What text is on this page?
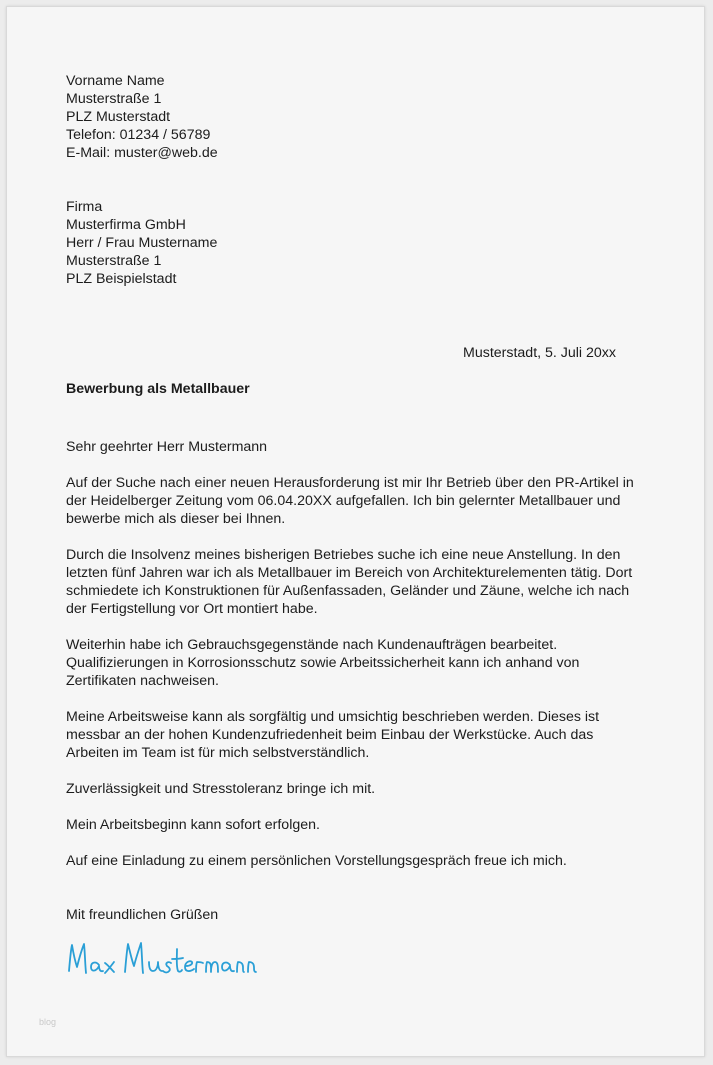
Vorname Name
Musterstraße 1
PLZ Musterstadt
Telefon: 01234 / 56789
E-Mail: muster@web.de
Firma
Musterfirma GmbH
Herr / Frau Mustername
Musterstraße 1
PLZ Beispielstadt
Musterstadt, 5. Juli 20xx
Bewerbung als Metallbauer
Sehr geehrter Herr Mustermann
Auf der Suche nach einer neuen Herausforderung ist mir Ihr Betrieb über den PR-Artikel in
der Heidelberger Zeitung vom 06.04.20XX aufgefallen. Ich bin gelernter Metallbauer und
bewerbe mich als dieser bei Ihnen.
Durch die Insolvenz meines bisherigen Betriebes suche ich eine neue Anstellung. In den
letzten fünf Jahren war ich als Metallbauer im Bereich von Architekturelementen tätig. Dort
schmiedete ich Konstruktionen für Außenfassaden, Geländer und Zäune, welche ich nach
der Fertigstellung vor Ort montiert habe.
Weiterhin habe ich Gebrauchsgegenstände nach Kundenaufträgen bearbeitet.
Qualifizierungen in Korrosionsschutz sowie Arbeitssicherheit kann ich anhand von
Zertifikaten nachweisen.
Meine Arbeitsweise kann als sorgfältig und umsichtig beschrieben werden. Dieses ist
messbar an der hohen Kundenzufriedenheit beim Einbau der Werkstücke. Auch das
Arbeiten im Team ist für mich selbstverständlich.
Zuverlässigkeit und Stresstoleranz bringe ich mit.
Mein Arbeitsbeginn kann sofort erfolgen.
Auf eine Einladung zu einem persönlichen Vorstellungsgespräch freue ich mich.
Mit freundlichen Grüßen
blog
